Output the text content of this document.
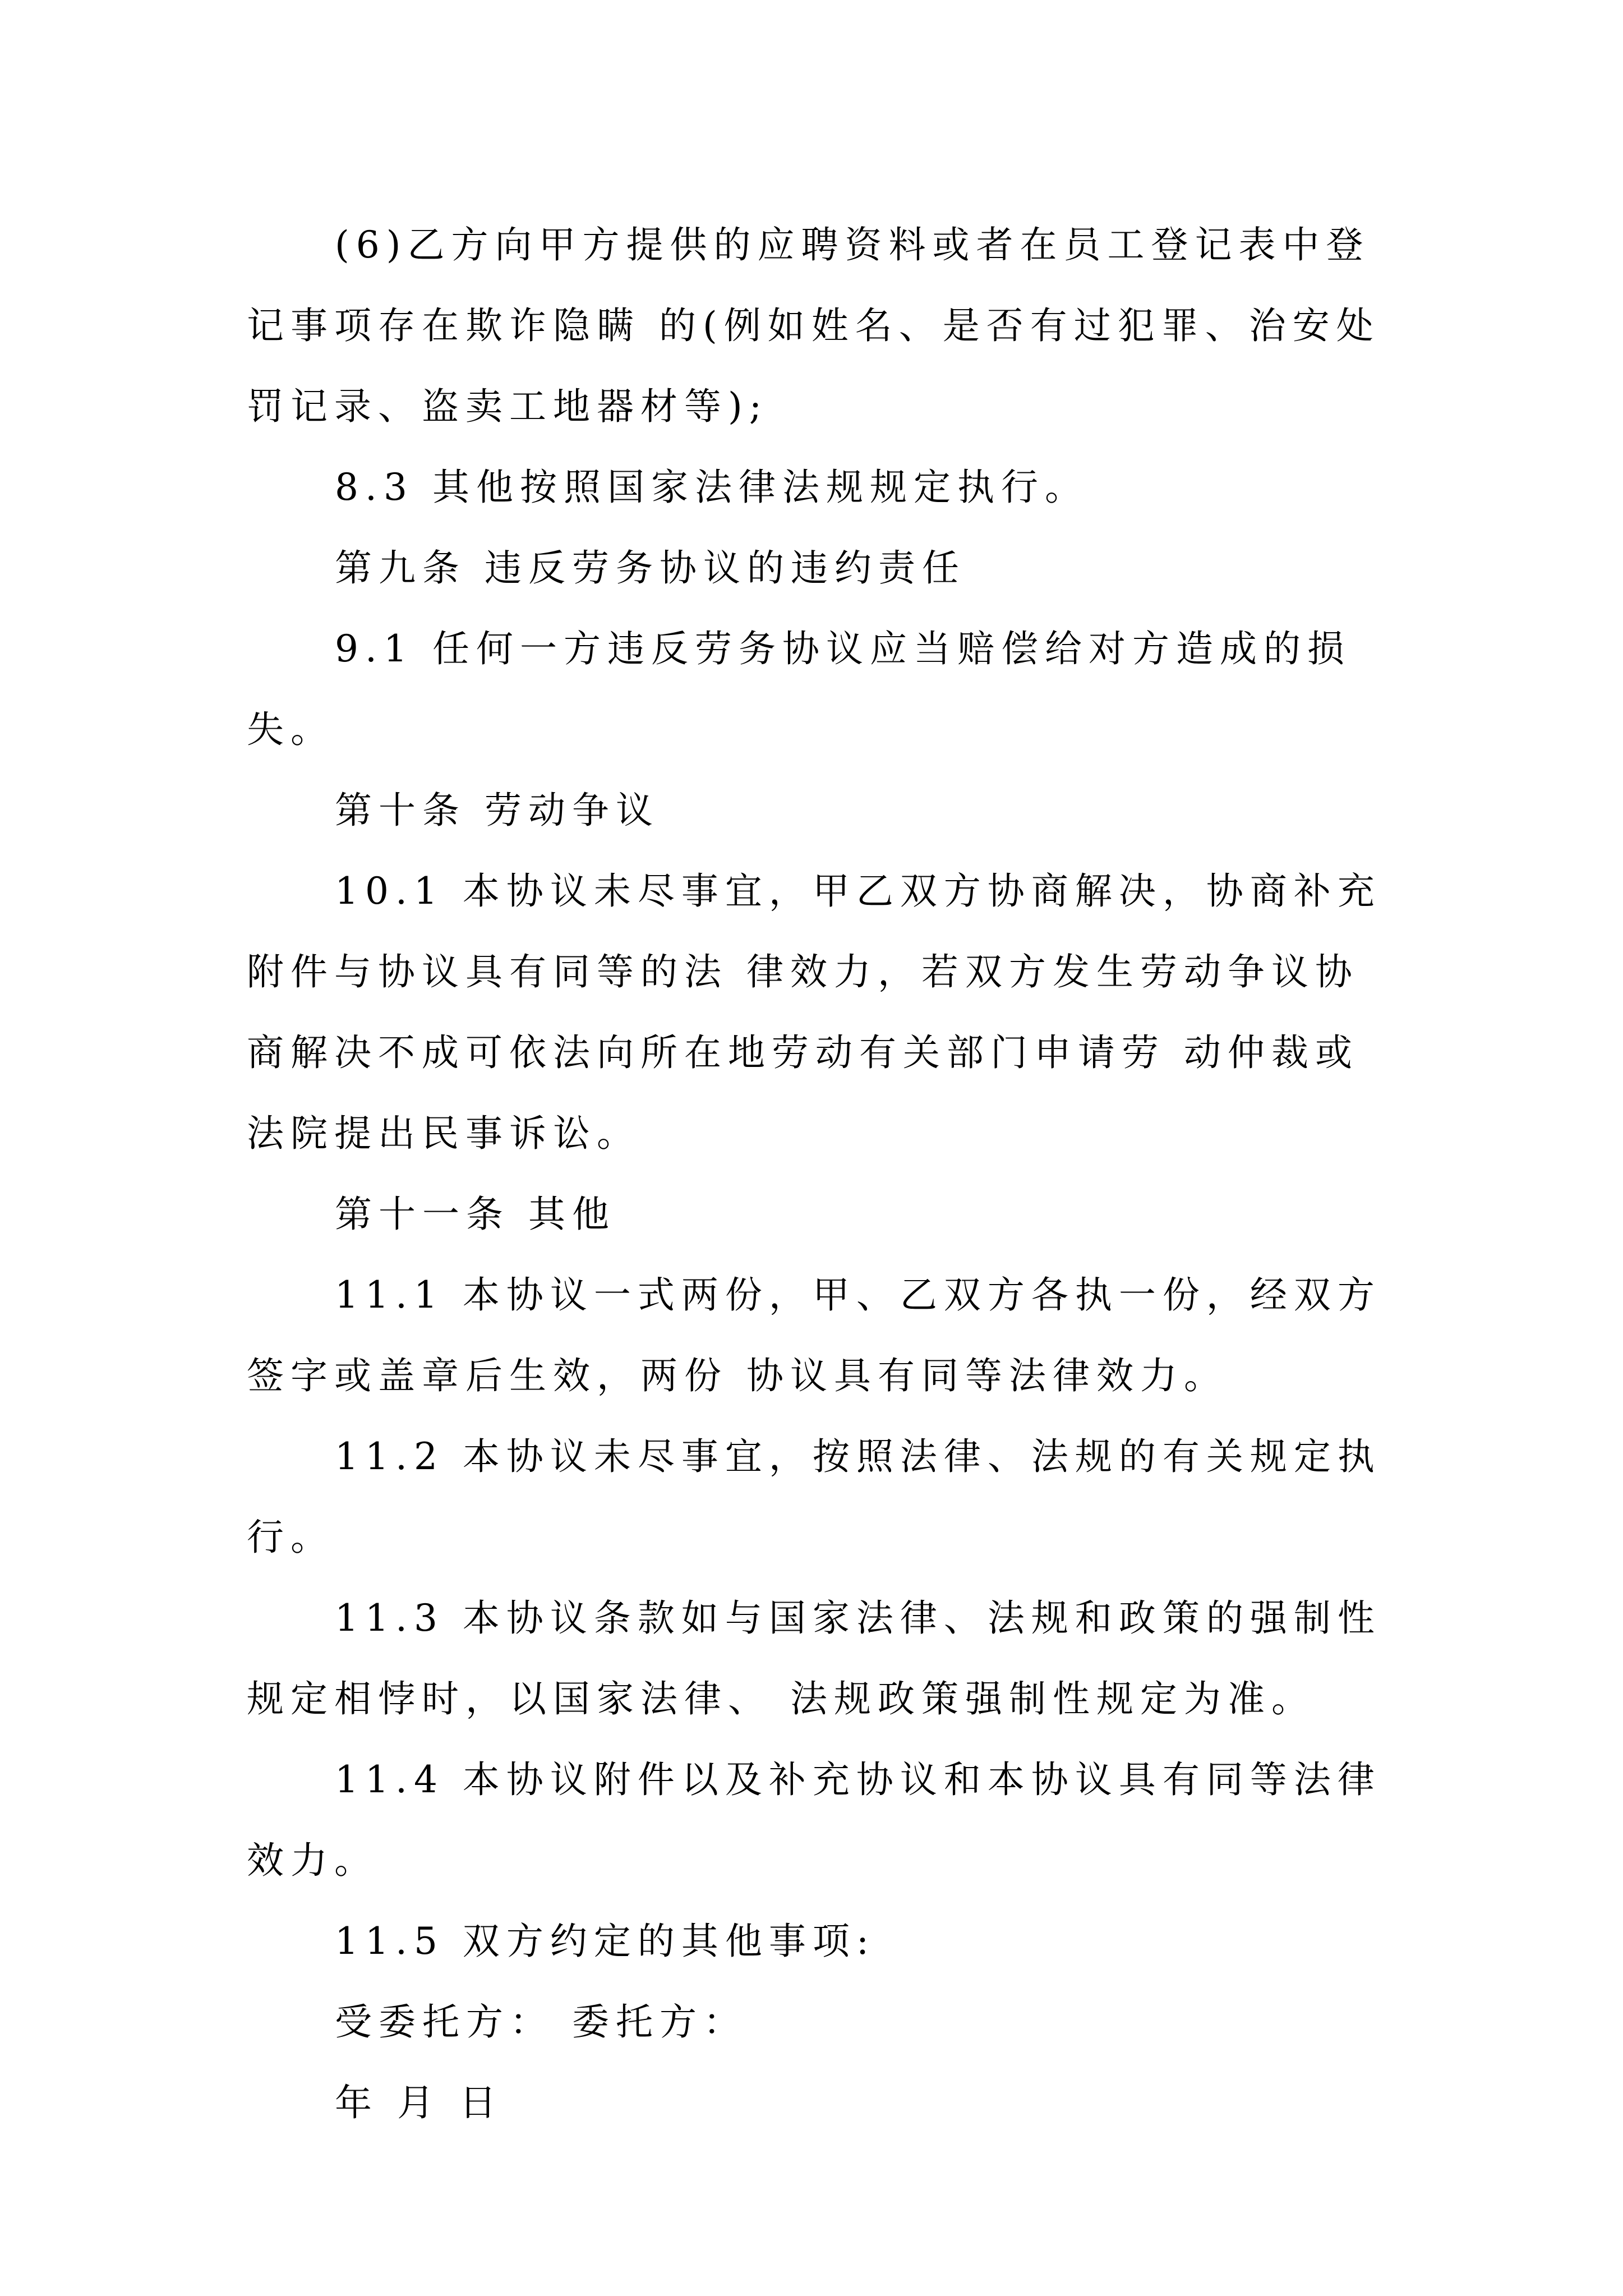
(6)乙方向甲方提供的应聘资料或者在员工登记表中登
记事项存在欺诈隐瞒 的(例如姓名、是否有过犯罪、治安处
罚记录、盗卖工地器材等);
8.3 其他按照国家法律法规规定执行。
第九条 违反劳务协议的违约责任
9.1 任何一方违反劳务协议应当赔偿给对方造成的损
失。
第十条 劳动争议
10.1 本协议未尽事宜，甲乙双方协商解决，协商补充
附件与协议具有同等的法 律效力，若双方发生劳动争议协
商解决不成可依法向所在地劳动有关部门申请劳 动仲裁或
法院提出民事诉讼。
第十一条 其他
11.1 本协议一式两份，甲、乙双方各执一份，经双方
签字或盖章后生效，两份 协议具有同等法律效力。
11.2 本协议未尽事宜，按照法律、法规的有关规定执
行。
11.3 本协议条款如与国家法律、法规和政策的强制性
规定相悖时，以国家法律、 法规政策强制性规定为准。
11.4 本协议附件以及补充协议和本协议具有同等法律
效力。
11.5 双方约定的其他事项:
受委托方： 委托方：
年 月 日
